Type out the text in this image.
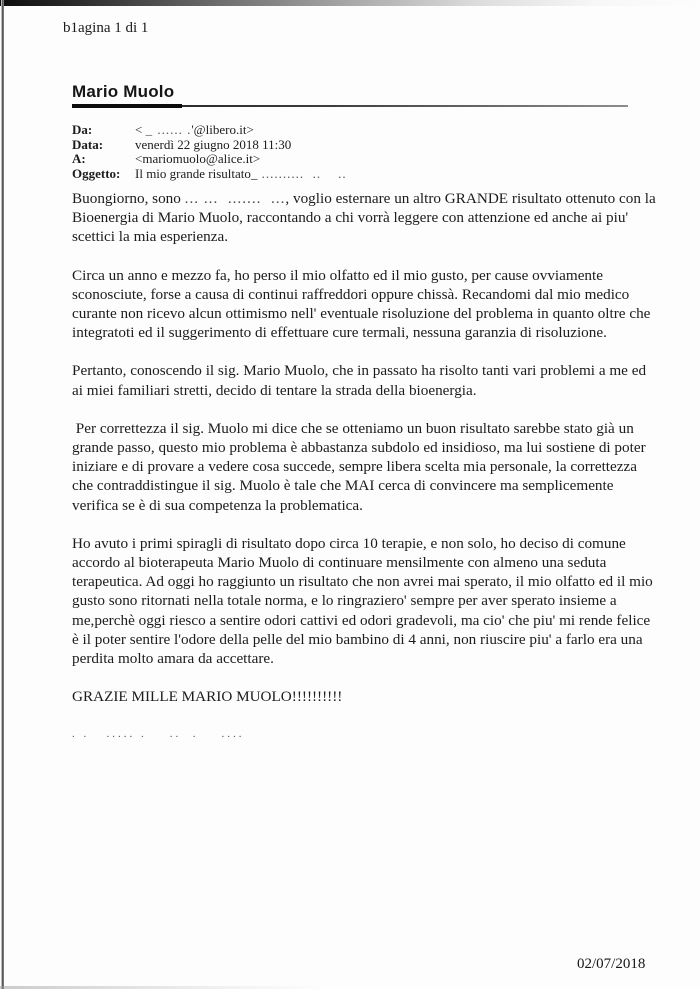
b1agina 1 di 1
Mario Muolo
Da:	< _ ...... .'@libero.it>
Data:	venerdì 22 giugno 2018 11:30
A:	<mariomuolo@alice.it>
Oggetto:	Il mio grande risultato_ ..........  ..    ..

Buongiorno, sono ... ...  .......  ..., voglio esternare un altro GRANDE risultato ottenuto con la Bioenergia di Mario Muolo, raccontando a chi vorrà leggere con attenzione ed anche ai piu' scettici la mia esperienza.

Circa un anno e mezzo fa, ho perso il mio olfatto ed il mio gusto, per cause ovviamente sconosciute, forse a causa di continui raffreddori oppure chissà. Recandomi dal mio medico curante non ricevo alcun ottimismo nell' eventuale risoluzione del problema in quanto oltre che integratoti ed il suggerimento di effettuare cure termali, nessuna garanzia di risoluzione.

Pertanto, conoscendo il sig. Mario Muolo, che in passato ha risolto tanti vari problemi a me ed ai miei familiari stretti, decido di tentare la strada della bioenergia.

Per correttezza il sig. Muolo mi dice che se otteniamo un buon risultato sarebbe stato già un grande passo, questo mio problema è abbastanza subdolo ed insidioso, ma lui sostiene di poter iniziare e di provare a vedere cosa succede, sempre libera scelta mia personale, la correttezza che contraddistingue il sig. Muolo è tale che MAI cerca di convincere ma semplicemente verifica se è di sua competenza la problematica.

Ho avuto i primi spiragli di risultato dopo circa 10 terapie, e non solo, ho deciso di comune accordo al bioterapeuta Mario Muolo di continuare mensilmente con almeno una seduta terapeutica. Ad oggi ho raggiunto un risultato che non avrei mai sperato, il mio olfatto ed il mio gusto sono ritornati nella totale norma, e lo ringraziero' sempre per aver sperato insieme a me,perchè oggi riesco a sentire odori cattivi ed odori gradevoli, ma cio' che piu' mi rende felice è il poter sentire l'odore della pelle del mio bambino di 4 anni, non riuscire piu' a farlo era una perdita molto amara da accettare.

GRAZIE MILLE MARIO MUOLO!!!!!!!!!!

. .   ..... .    ..  .    ....
02/07/2018
